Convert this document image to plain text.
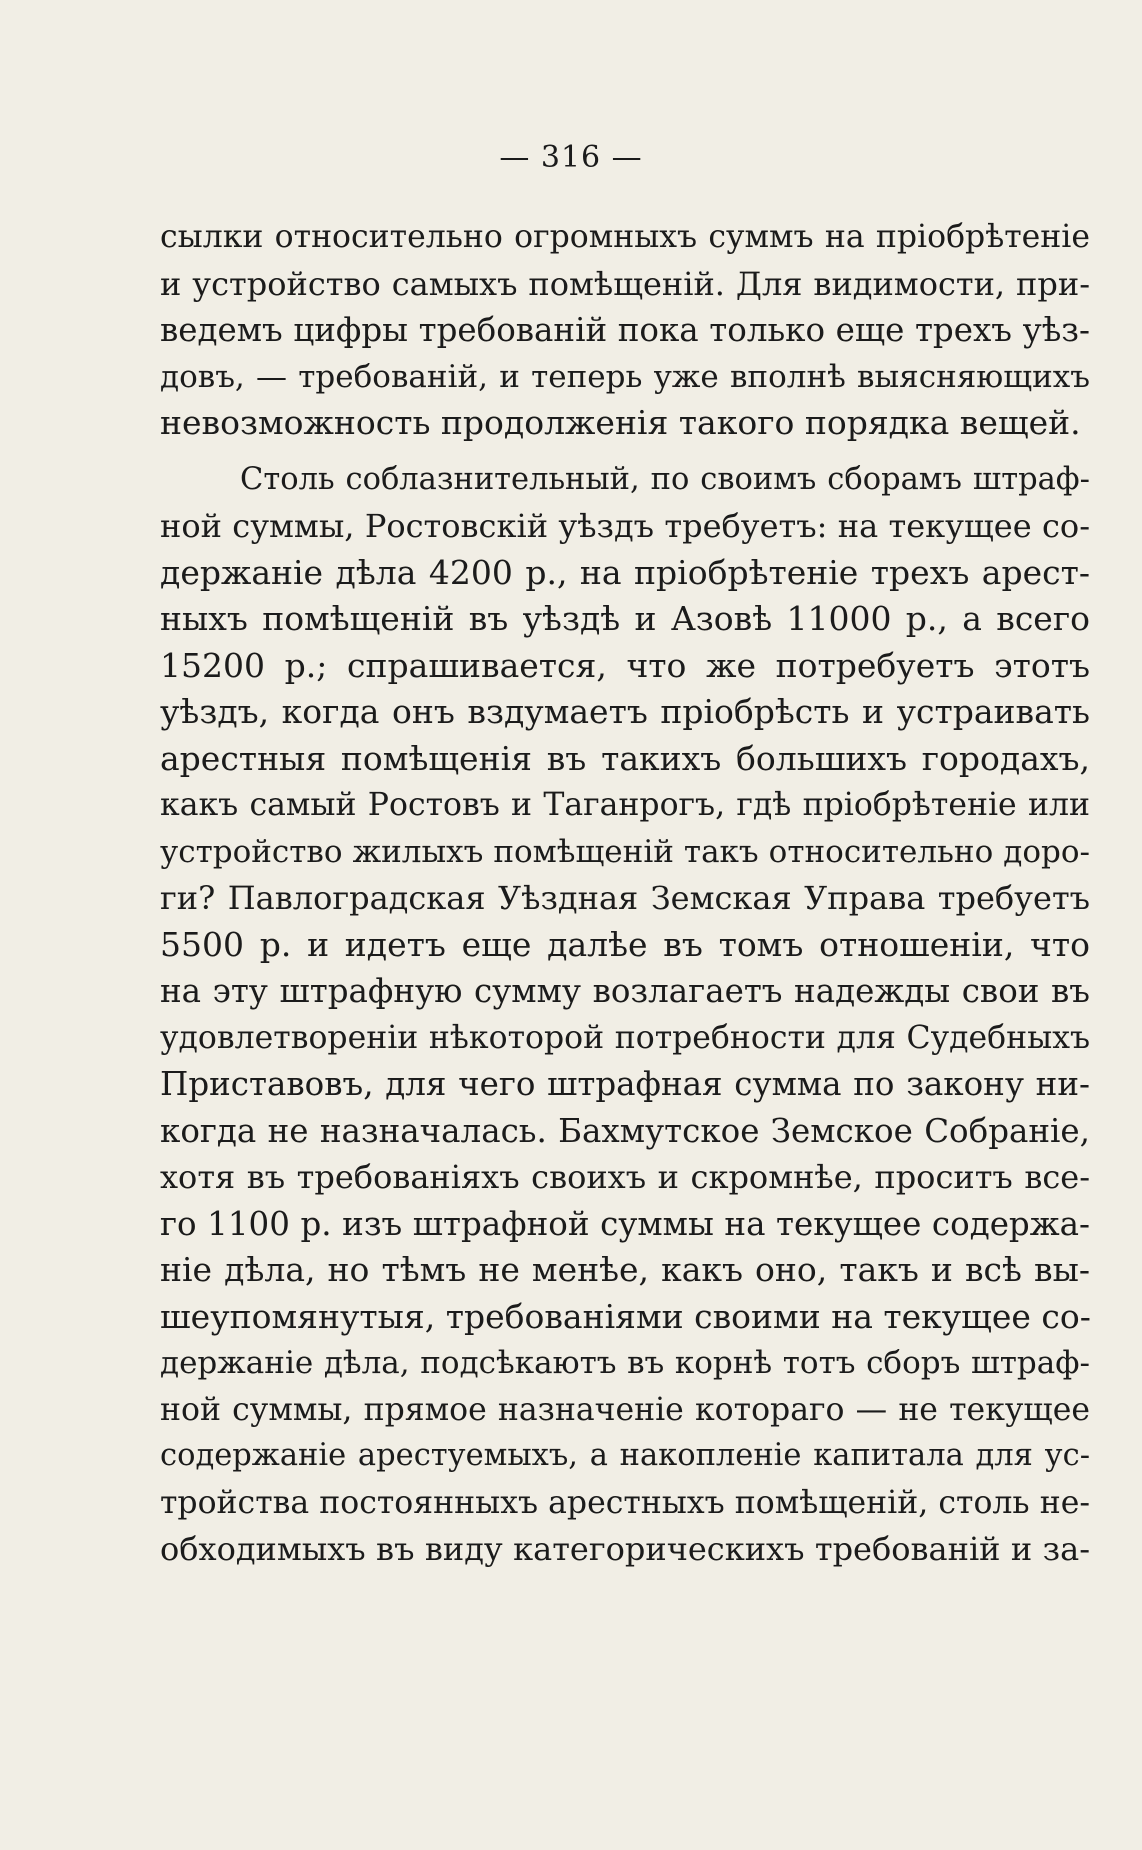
— 316 —
сылки относительно огромныхъ суммъ на пріобрѣтеніе
и устройство самыхъ помѣщеній. Для видимости, при-
ведемъ цифры требованій пока только еще трехъ уѣз-
довъ, — требованій, и теперь уже вполнѣ выясняющихъ
невозможность продолженія такого порядка вещей.
Столь соблазнительный, по своимъ сборамъ штраф-
ной суммы, Ростовскій уѣздъ требуетъ: на текущее со-
держаніе дѣла 4200 р., на пріобрѣтеніе трехъ арест-
ныхъ помѣщеній въ уѣздѣ и Азовѣ 11000 р., а всего
15200 р.; спрашивается, что же потребуетъ этотъ
уѣздъ, когда онъ вздумаетъ пріобрѣсть и устраивать
арестныя помѣщенія въ такихъ большихъ городахъ,
какъ самый Ростовъ и Таганрогъ, гдѣ пріобрѣтеніе или
устройство жилыхъ помѣщеній такъ относительно доро-
ги? Павлоградская Уѣздная Земская Управа требуетъ
5500 р. и идетъ еще далѣе въ томъ отношеніи, что
на эту штрафную сумму возлагаетъ надежды свои въ
удовлетвореніи нѣкоторой потребности для Судебныхъ
Приставовъ, для чего штрафная сумма по закону ни-
когда не назначалась. Бахмутское Земское Собраніе,
хотя въ требованіяхъ своихъ и скромнѣе, проситъ все-
го 1100 р. изъ штрафной суммы на текущее содержа-
ніе дѣла, но тѣмъ не менѣе, какъ оно, такъ и всѣ вы-
шеупомянутыя, требованіями своими на текущее со-
держаніе дѣла, подсѣкаютъ въ корнѣ тотъ сборъ штраф-
ной суммы, прямое назначеніе котораго — не текущее
содержаніе арестуемыхъ, а накопленіе капитала для ус-
тройства постоянныхъ арестныхъ помѣщеній, столь не-
обходимыхъ въ виду категорическихъ требованій и за-
